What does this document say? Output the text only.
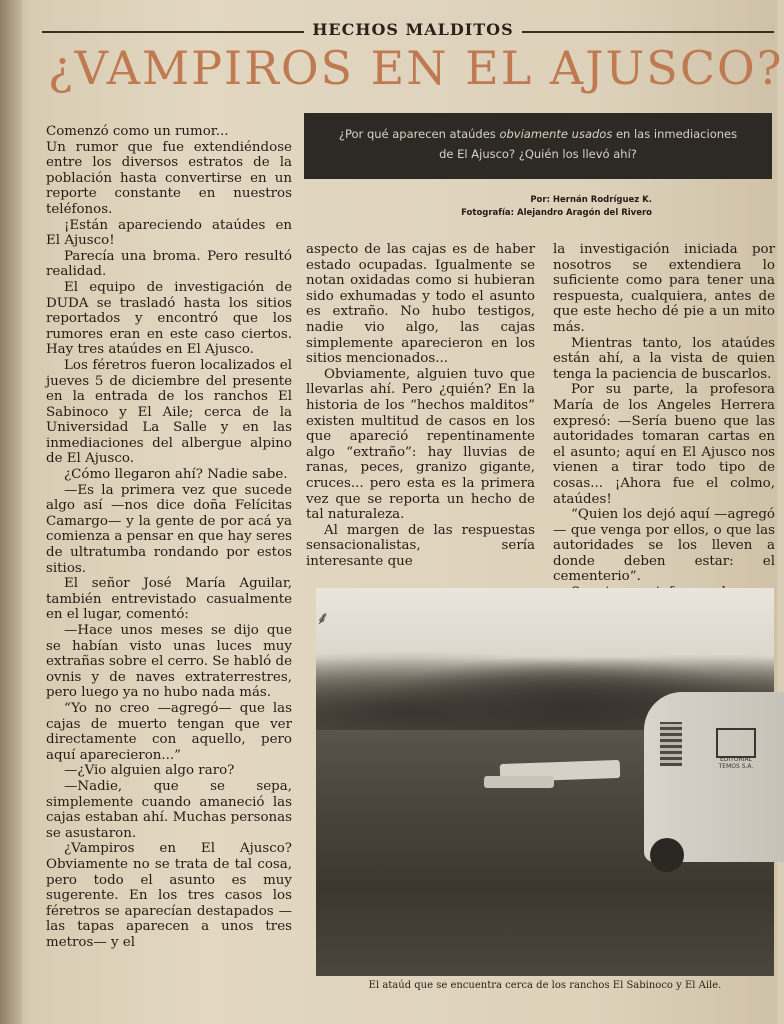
HECHOS MALDITOS
¿VAMPIROS EN EL AJUSCO?
¿Por qué aparecen ataúdes obviamente usados en las inmediaciones
de El Ajusco? ¿Quién los llevó ahí?
Por: Hernán Rodríguez K.
Fotografía: Alejandro Aragón del Rivero

Comenzó como un rumor...

Un rumor que fue extendiéndose entre los diversos estratos de la población hasta convertirse en un reporte constante en nuestros teléfonos.

¡Están apareciendo ataúdes en El Ajusco!

Parecía una broma. Pero resultó realidad.

El equipo de investigación de DUDA se trasladó hasta los sitios reportados y encontró que los rumores eran en este caso ciertos. Hay tres ataúdes en El Ajusco.

Los féretros fueron localizados el jueves 5 de diciembre del presente en la entrada de los ranchos El Sabinoco y El Aile; cerca de la Universidad La Salle y en las inmediaciones del albergue alpino de El Ajusco.

¿Cómo llegaron ahí? Nadie sabe.

—Es la primera vez que sucede algo así —nos dice doña Felícitas Camargo— y la gente de por acá ya comienza a pensar en que hay seres de ultratumba rondando por estos sitios.

El señor José María Aguilar, también entrevistado casualmente en el lugar, comentó:

—Hace unos meses se dijo que se habían visto unas luces muy extrañas sobre el cerro. Se habló de ovnis y de naves extraterrestres, pero luego ya no hubo nada más.

“Yo no creo —agregó— que las cajas de muerto tengan que ver directamente con aquello, pero aquí aparecieron...”

—¿Vio alguien algo raro?

—Nadie, que se sepa, simplemente cuando amaneció las cajas estaban ahí. Muchas personas se asustaron.

¿Vampiros en El Ajusco? Obviamente no se trata de tal cosa, pero todo el asunto es muy sugerente. En los tres casos los féretros se aparecían destapados —las tapas aparecen a unos tres metros— y el

aspecto de las cajas es de haber estado ocupadas. Igualmente se notan oxidadas como si hubieran sido exhumadas y todo el asunto es extraño. No hubo testigos, nadie vio algo, las cajas simplemente aparecieron en los sitios mencionados...

Obviamente, alguien tuvo que llevarlas ahí. Pero ¿quién? En la historia de los “hechos malditos” existen multitud de casos en los que apareció repentinamente algo “extraño”: hay lluvias de ranas, peces, granizo gigante, cruces... pero esta es la primera vez que se reporta un hecho de tal naturaleza.

Al margen de las respuestas sensacionalistas, sería interesante que

la investigación iniciada por nosotros se extendiera lo suficiente como para tener una respuesta, cualquiera, antes de que este hecho dé pie a un mito más.

Mientras tanto, los ataúdes están ahí, a la vista de quien tenga la paciencia de buscarlos.

Por su parte, la profesora María de los Angeles Herrera expresó: —Sería bueno que las autoridades tomaran cartas en el asunto; aquí en El Ajusco nos vienen a tirar todo tipo de cosas... ¡Ahora fue el colmo, ataúdes!

“Quien los dejó aquí —agregó— que venga por ellos, o que las autoridades se los lleven a donde deben estar: el cementerio”.

⸙
EDITORIAL TEMOS S.A.
El ataúd que se encuentra cerca de los ranchos El Sabinoco y El Aile.
